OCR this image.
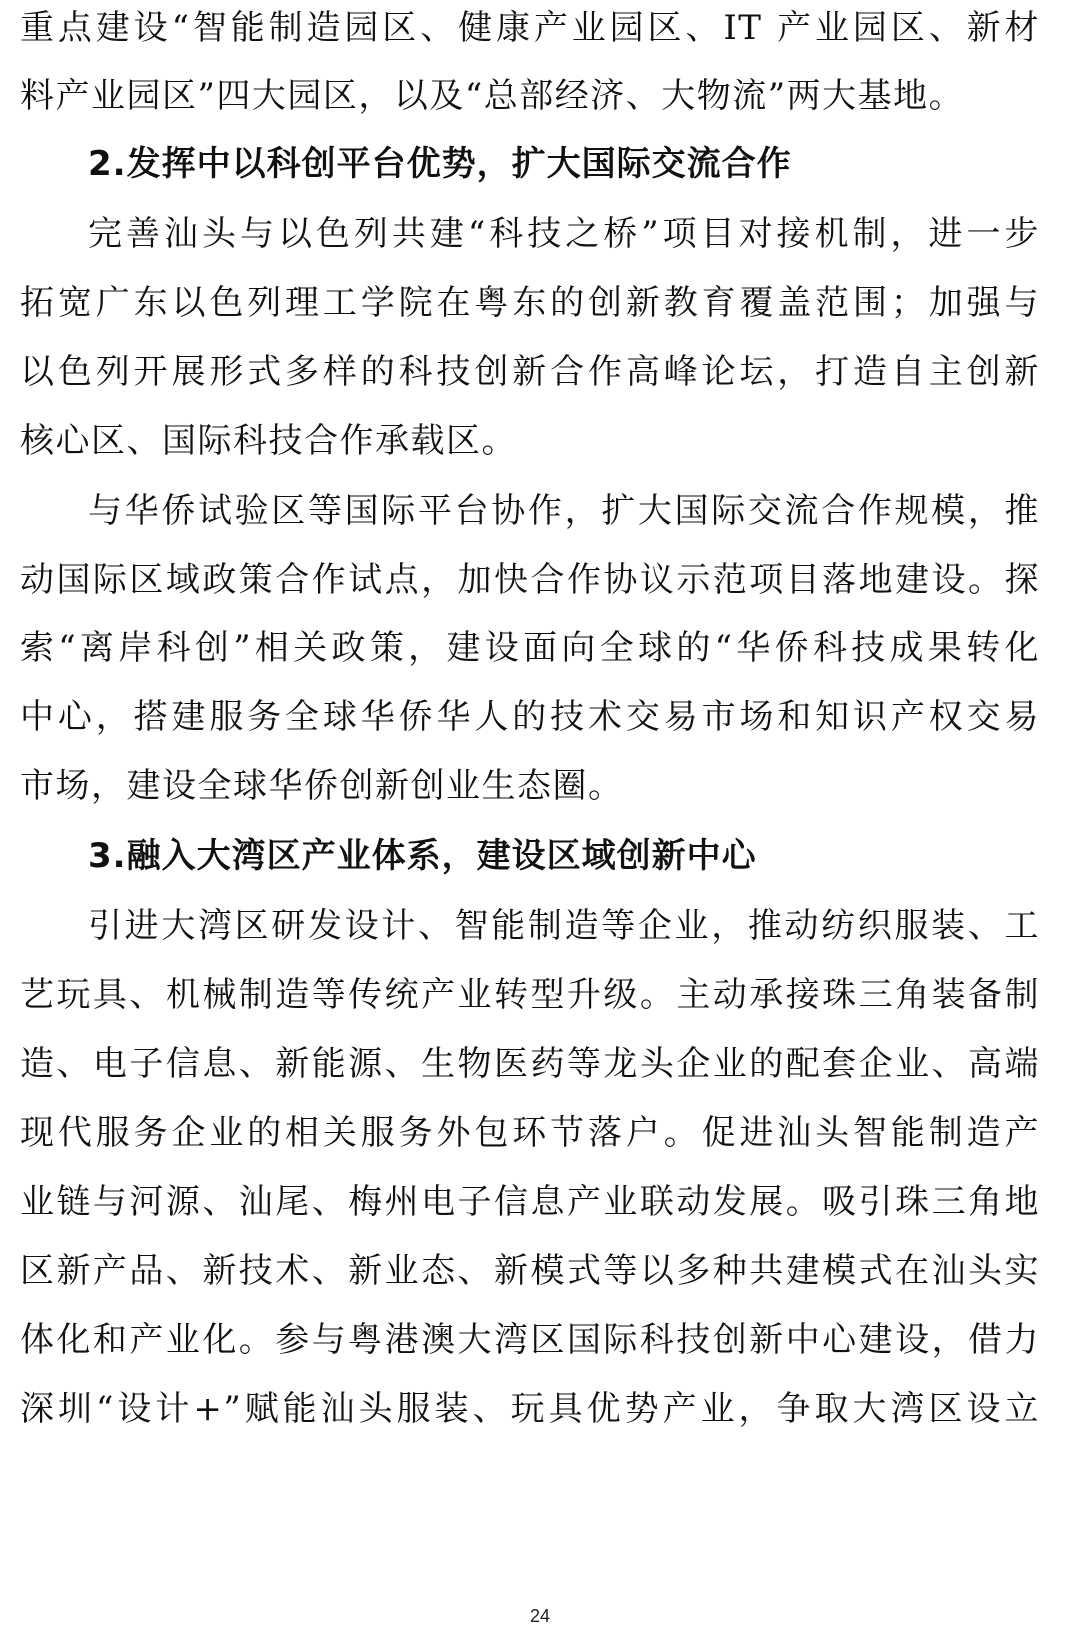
重点建设“智能制造园区、健康产业园区、IT 产业园区、新材
料产业园区”四大园区，以及“总部经济、大物流”两大基地。
2.发挥中以科创平台优势，扩大国际交流合作
完善汕头与以色列共建“科技之桥”项目对接机制，进一步
拓宽广东以色列理工学院在粤东的创新教育覆盖范围；加强与
以色列开展形式多样的科技创新合作高峰论坛，打造自主创新
核心区、国际科技合作承载区。
与华侨试验区等国际平台协作，扩大国际交流合作规模，推
动国际区域政策合作试点，加快合作协议示范项目落地建设。探
索“离岸科创”相关政策，建设面向全球的“华侨科技成果转化
中心，搭建服务全球华侨华人的技术交易市场和知识产权交易
市场，建设全球华侨创新创业生态圈。
3.融入大湾区产业体系，建设区域创新中心
引进大湾区研发设计、智能制造等企业，推动纺织服装、工
艺玩具、机械制造等传统产业转型升级。主动承接珠三角装备制
造、电子信息、新能源、生物医药等龙头企业的配套企业、高端
现代服务企业的相关服务外包环节落户。促进汕头智能制造产
业链与河源、汕尾、梅州电子信息产业联动发展。吸引珠三角地
区新产品、新技术、新业态、新模式等以多种共建模式在汕头实
体化和产业化。参与粤港澳大湾区国际科技创新中心建设，借力
深圳“设计+”赋能汕头服装、玩具优势产业，争取大湾区设立
24
